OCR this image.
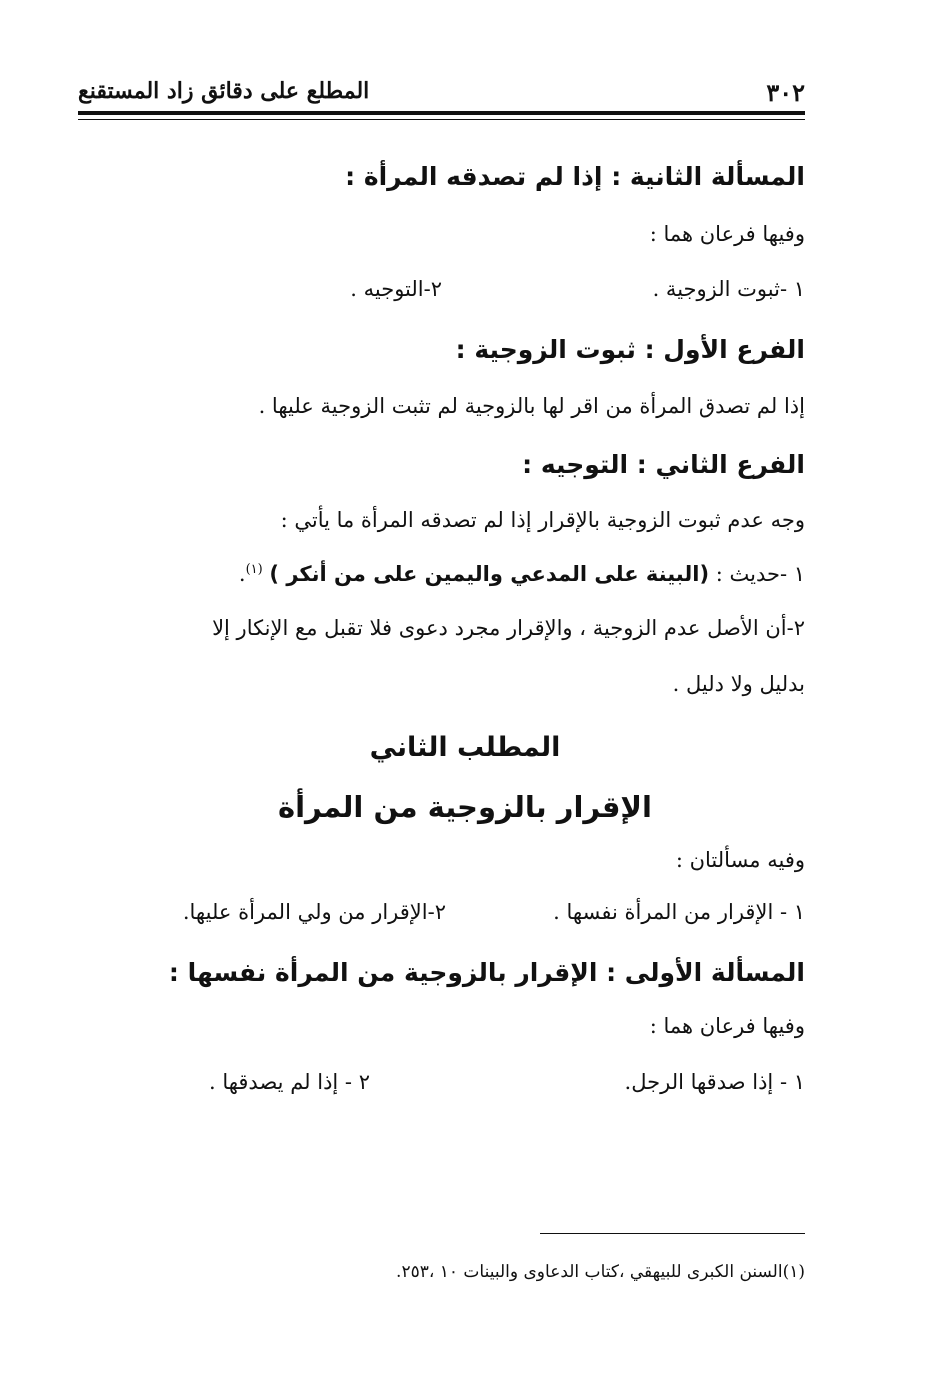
٣٠٢
المطلع على دقائق زاد المستقنع
المسألة الثانية : إذا لم تصدقه المرأة :
وفيها فرعان هما :
١ -ثبوت الزوجية .
٢-التوجيه .
الفرع الأول : ثبوت الزوجية :
إذا لم تصدق المرأة من اقر لها بالزوجية لم تثبت الزوجية عليها .
الفرع الثاني : التوجيه :
وجه عدم ثبوت الزوجية بالإقرار إذا لم تصدقه المرأة ما يأتي :
١ -حديث : (البينة على المدعي واليمين على من أنكر ) $^{(١)}$.
٢-أن الأصل عدم الزوجية ، والإقرار مجرد دعوى فلا تقبل مع الإنكار إلا
بدليل ولا دليل .
المطلب الثاني
الإقرار بالزوجية من المرأة
وفيه مسألتان :
١ - الإقرار من المرأة نفسها .
٢-الإقرار من ولي المرأة عليها.
المسألة الأولى : الإقرار بالزوجية من المرأة نفسها :
وفيها فرعان هما :
١ - إذا صدقها الرجل.
٢ - إذا لم يصدقها .
(١)السنن الكبرى للبيهقي ،كتاب الدعاوى والبينات ١٠ ،٢٥٣.
